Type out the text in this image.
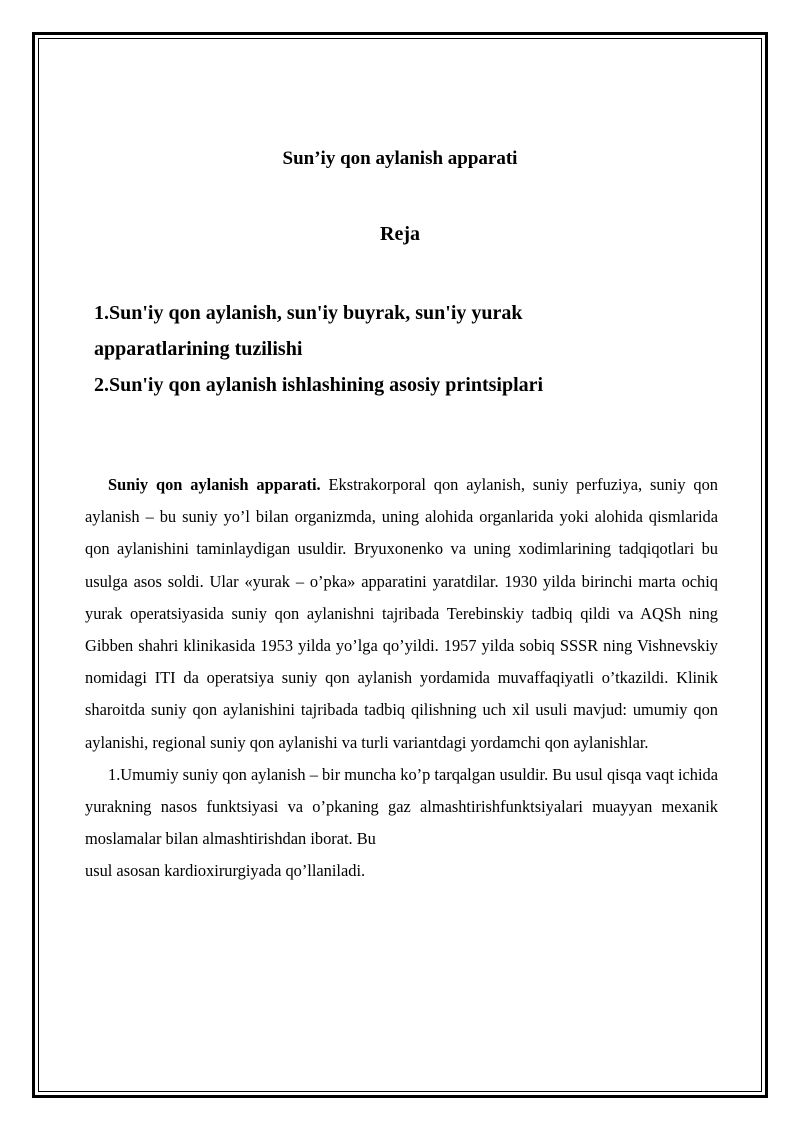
Sun’iy qon aylanish apparati
Reja
1.Sun'iy qon aylanish, sun'iy buyrak, sun'iy yurak apparatlarining tuzilishi
2.Sun'iy qon aylanish ishlashining asosiy printsiplari

Suniy qon aylanish apparati. Ekstrakorporal qon aylanish, suniy perfuziya, suniy qon aylanish – bu suniy yo’l bilan organizmda, uning alohida organlarida yoki alohida qismlarida qon aylanishini taminlaydigan usuldir. Bryuxonenko va uning xodimlarining tadqiqotlari bu usulga asos soldi. Ular «yurak – o’pka» apparatini yaratdilar. 1930 yilda birinchi marta ochiq yurak operatsiyasida suniy qon aylanishni tajribada Terebinskiy tadbiq qildi va AQSh ning Gibben shahri klinikasida 1953 yilda yo’lga qo’yildi. 1957 yilda sobiq SSSR ning Vishnevskiy nomidagi ITI da operatsiya suniy qon aylanish yordamida muvaffaqiyatli o’tkazildi. Klinik sharoitda suniy qon aylanishini tajribada tadbiq qilishning uch xil usuli mavjud: umumiy qon aylanishi, regional suniy qon aylanishi va turli variantdagi yordamchi qon aylanishlar.

1.Umumiy suniy qon aylanish – bir muncha ko’p tarqalgan usuldir. Bu usul qisqa vaqt ichida yurakning nasos funktsiyasi va o’pkaning gaz almashtirishfunktsiyalari muayyan mexanik moslamalar bilan almashtirishdan iborat. Bu

usul asosan kardioxirurgiyada qo’llaniladi.
